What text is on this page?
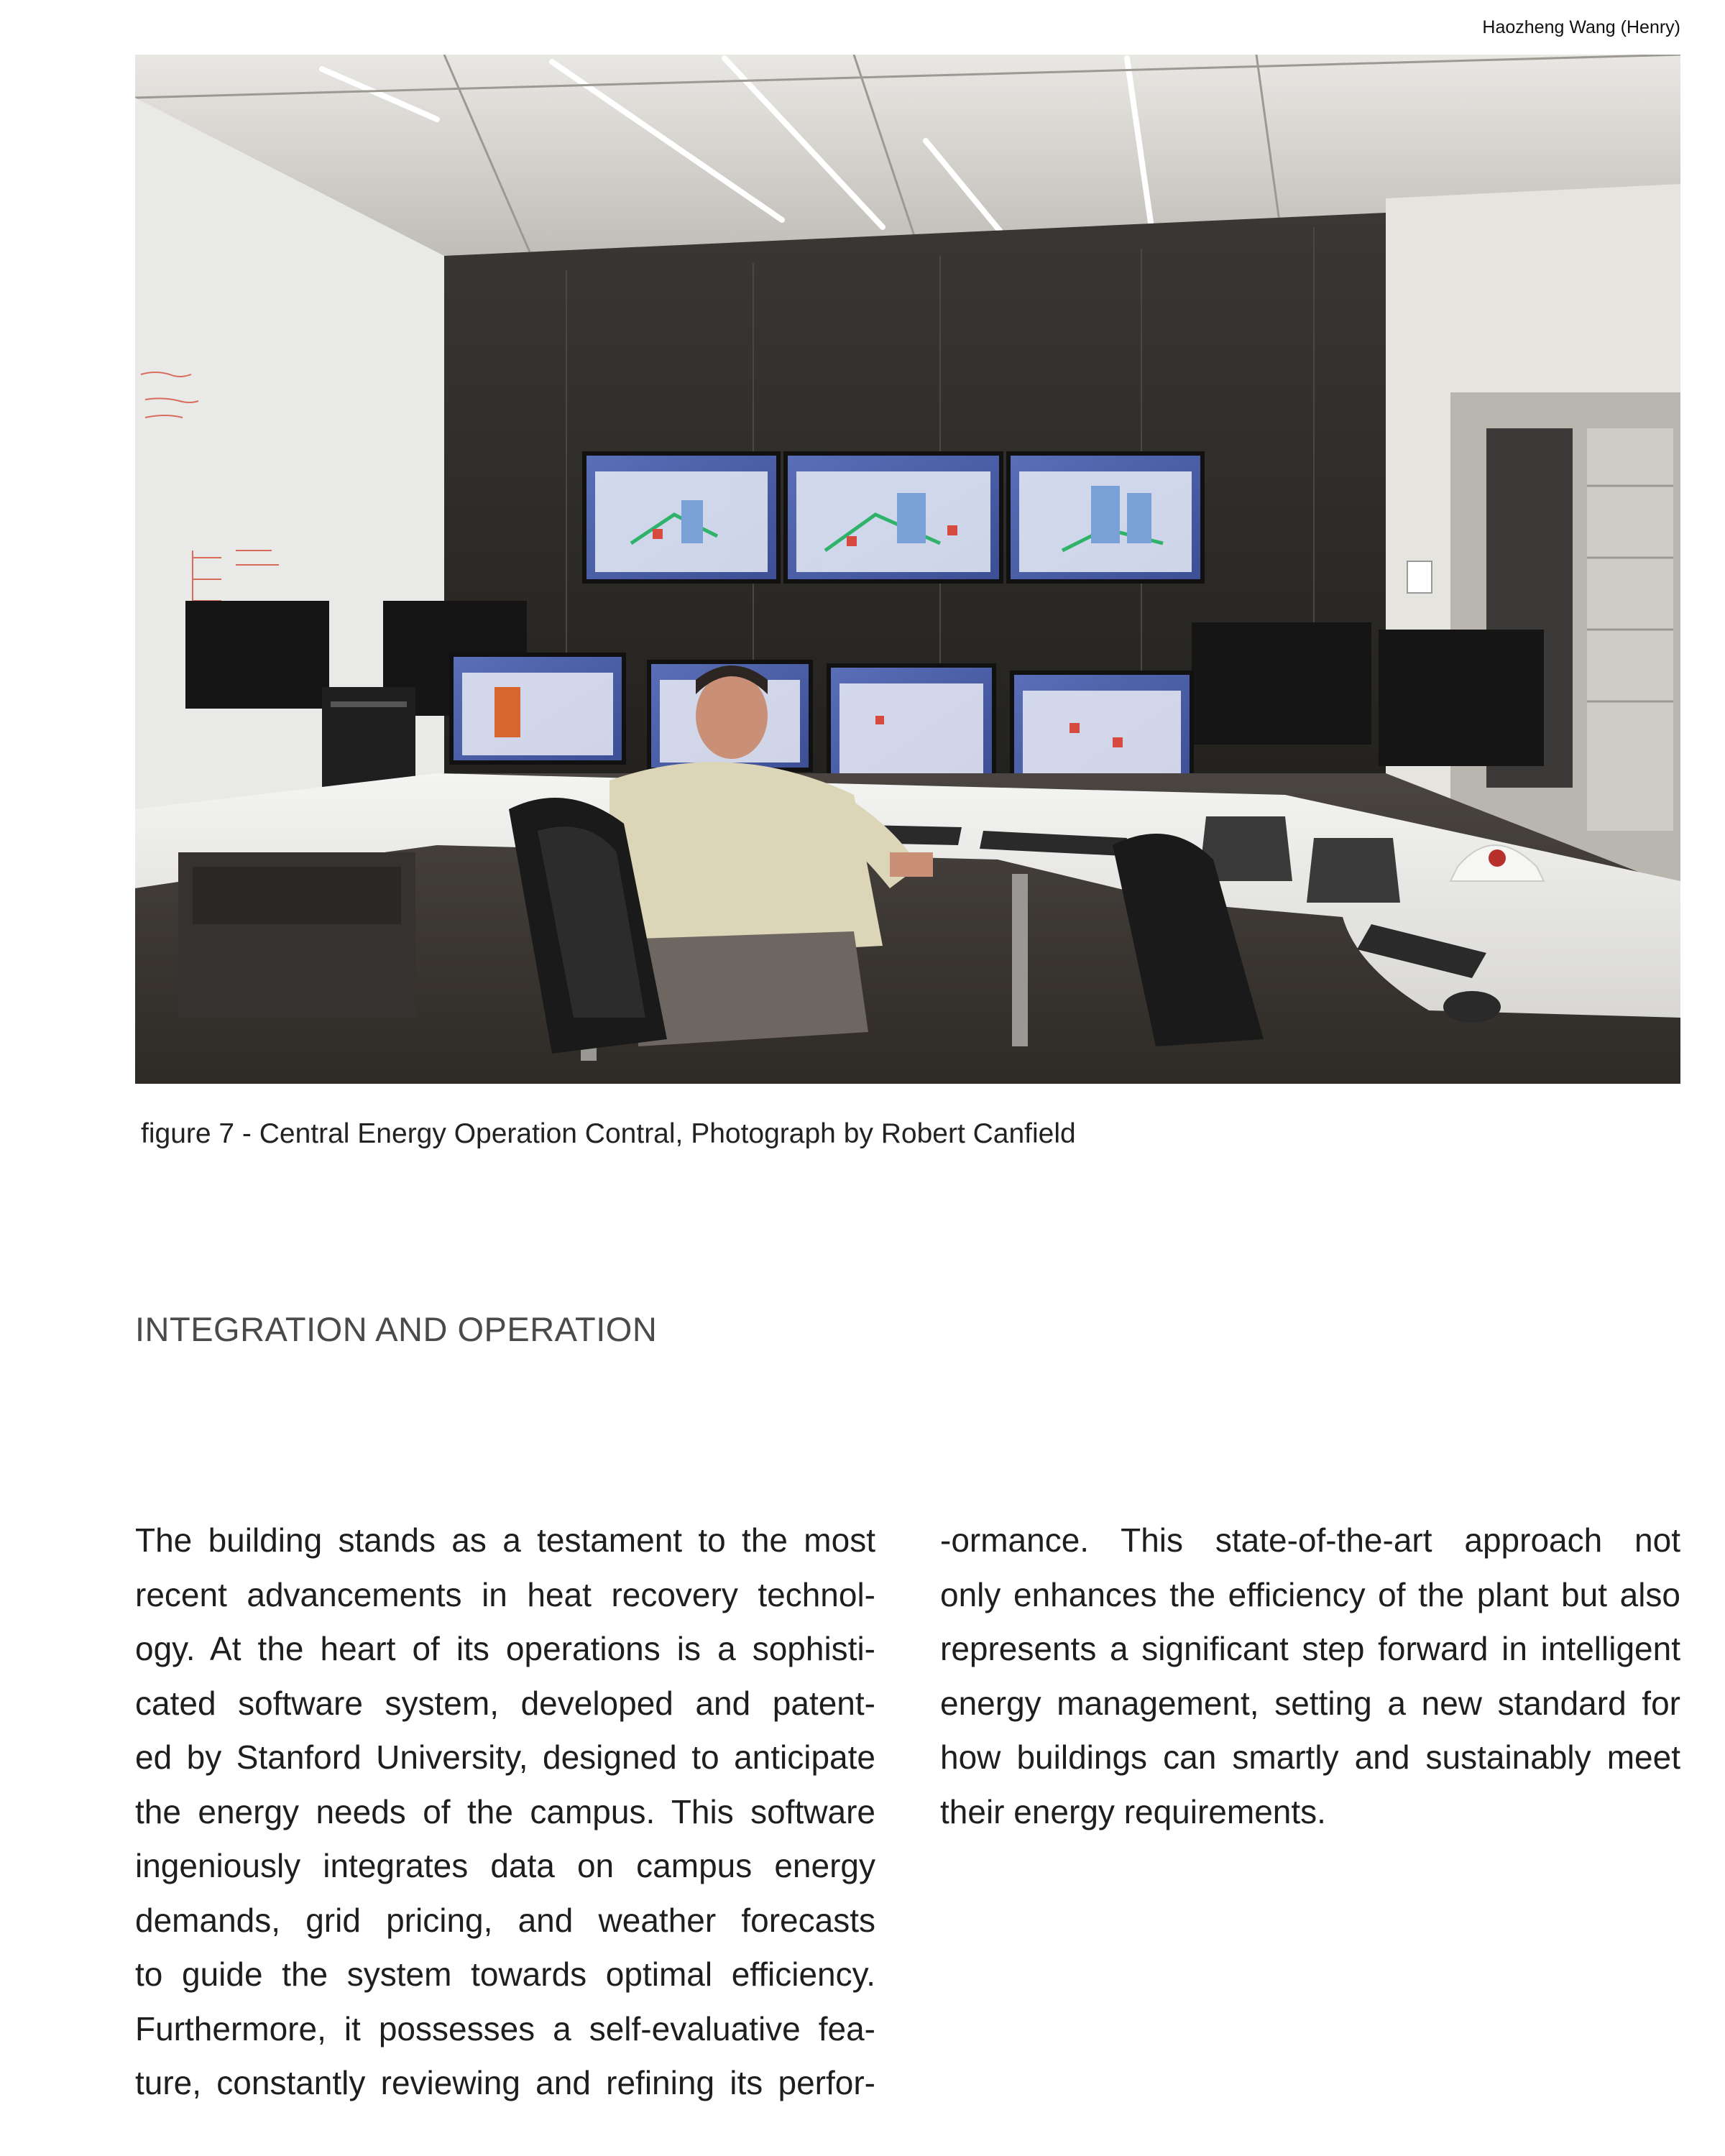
Haozheng Wang (Henry)
figure 7 - Central Energy Operation Contral, Photograph by Robert Canfield
INTEGRATION AND OPERATION
The building stands as a testament to the most
recent advancements in heat recovery technol-
ogy. At the heart of its operations is a sophisti-
cated software system, developed and patent-
ed by Stanford University, designed to anticipate
the energy needs of the campus. This software
ingeniously integrates data on campus energy
demands, grid pricing, and weather forecasts
to guide the system towards optimal efficiency.
Furthermore, it possesses a self-evaluative fea-
ture, constantly reviewing and refining its perfor-
-ormance. This state-of-the-art approach not
only enhances the efficiency of the plant but also
represents a significant step forward in intelligent
energy management, setting a new standard for
how buildings can smartly and sustainably meet
their energy requirements.
